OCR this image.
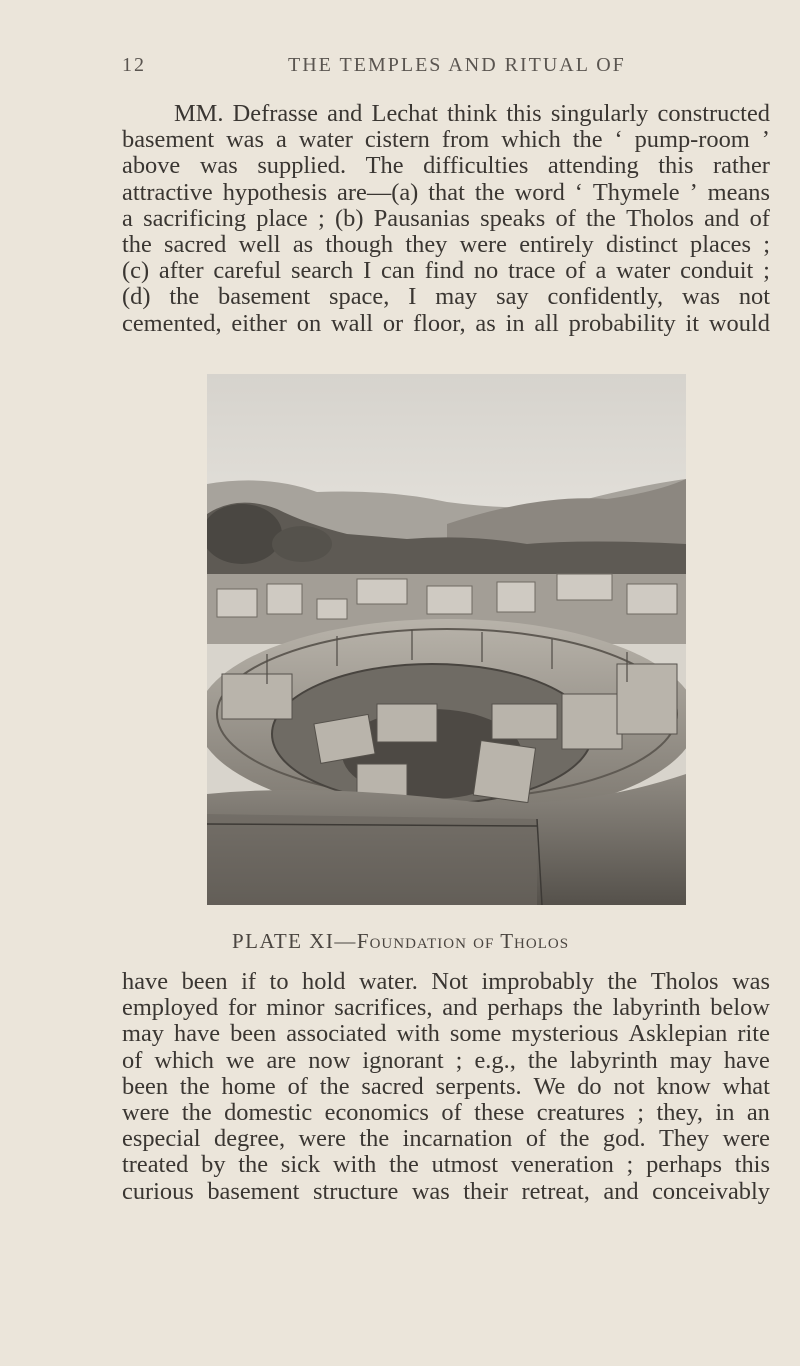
12	THE TEMPLES AND RITUAL OF
MM. Defrasse and Lechat think this singularly constructed
basement was a water cistern from which the ‘ pump-room ’
above was supplied. The difficulties attending this rather
attractive hypothesis are—(a) that the word ‘ Thymele ’ means
a sacrificing place ; (b) Pausanias speaks of the Tholos and of
the sacred well as though they were entirely distinct places ;
(c) after careful search I can find no trace of a water conduit ;
(d) the basement space, I may say confidently, was not
cemented, either on wall or floor, as in all probability it would
PLATE XI—Foundation of Tholos
have been if to hold water. Not improbably the Tholos was
employed for minor sacrifices, and perhaps the labyrinth below
may have been associated with some mysterious Asklepian rite
of which we are now ignorant ; e.g., the labyrinth may have
been the home of the sacred serpents. We do not know what
were the domestic economics of these creatures ; they, in an
especial degree, were the incarnation of the god. They were
treated by the sick with the utmost veneration ; perhaps this
curious basement structure was their retreat, and conceivably
